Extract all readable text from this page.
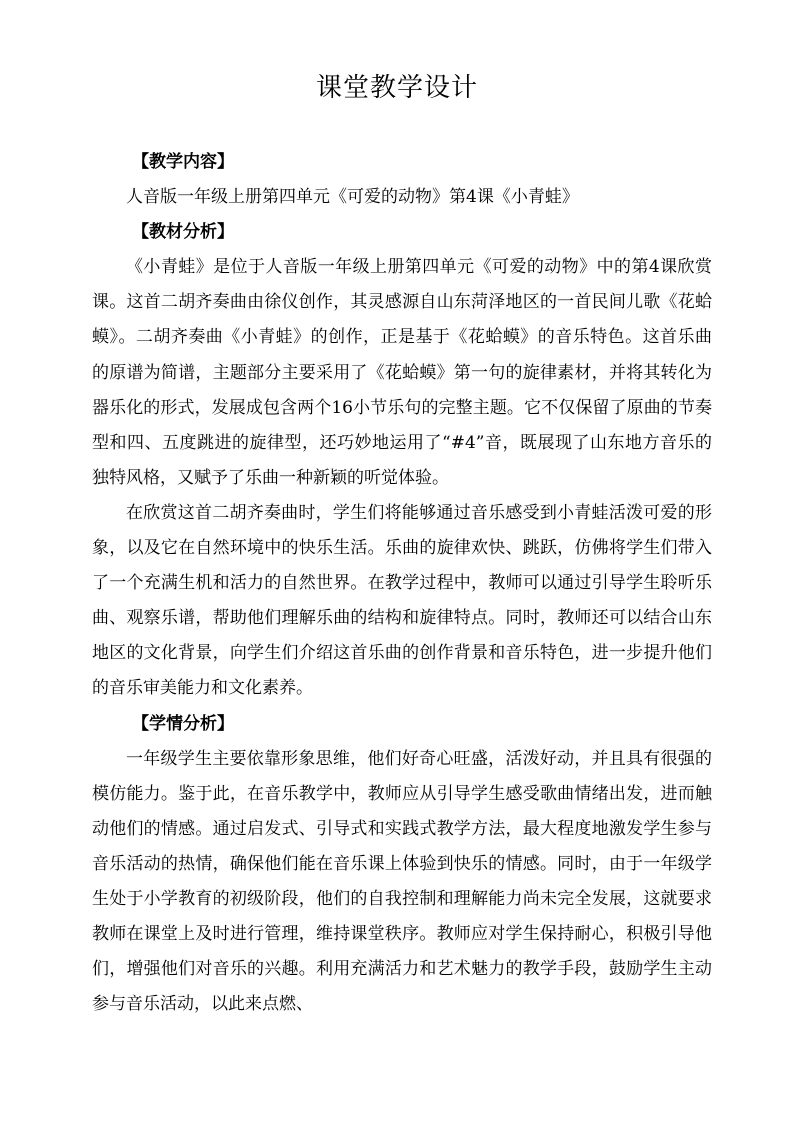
课堂教学设计

【教学内容】

人音版一年级上册第四单元《可爱的动物》第4课《小青蛙》

【教材分析】

《小青蛙》是位于人音版一年级上册第四单元《可爱的动物》中的第4课欣赏课。这首二胡齐奏曲由徐仪创作，其灵感源自山东菏泽地区的一首民间儿歌《花蛤蟆》。二胡齐奏曲《小青蛙》的创作，正是基于《花蛤蟆》的音乐特色。这首乐曲的原谱为简谱，主题部分主要采用了《花蛤蟆》第一句的旋律素材，并将其转化为器乐化的形式，发展成包含两个16小节乐句的完整主题。它不仅保留了原曲的节奏型和四、五度跳进的旋律型，还巧妙地运用了“#4”音，既展现了山东地方音乐的独特风格，又赋予了乐曲一种新颖的听觉体验。

在欣赏这首二胡齐奏曲时，学生们将能够通过音乐感受到小青蛙活泼可爱的形象，以及它在自然环境中的快乐生活。乐曲的旋律欢快、跳跃，仿佛将学生们带入了一个充满生机和活力的自然世界。在教学过程中，教师可以通过引导学生聆听乐曲、观察乐谱，帮助他们理解乐曲的结构和旋律特点。同时，教师还可以结合山东地区的文化背景，向学生们介绍这首乐曲的创作背景和音乐特色，进一步提升他们的音乐审美能力和文化素养。

【学情分析】

一年级学生主要依靠形象思维，他们好奇心旺盛，活泼好动，并且具有很强的模仿能力。鉴于此，在音乐教学中，教师应从引导学生感受歌曲情绪出发，进而触动他们的情感。通过启发式、引导式和实践式教学方法，最大程度地激发学生参与音乐活动的热情，确保他们能在音乐课上体验到快乐的情感。同时，由于一年级学生处于小学教育的初级阶段，他们的自我控制和理解能力尚未完全发展，这就要求教师在课堂上及时进行管理，维持课堂秩序。教师应对学生保持耐心，积极引导他们，增强他们对音乐的兴趣。利用充满活力和艺术魅力的教学手段，鼓励学生主动参与音乐活动，以此来点燃、
